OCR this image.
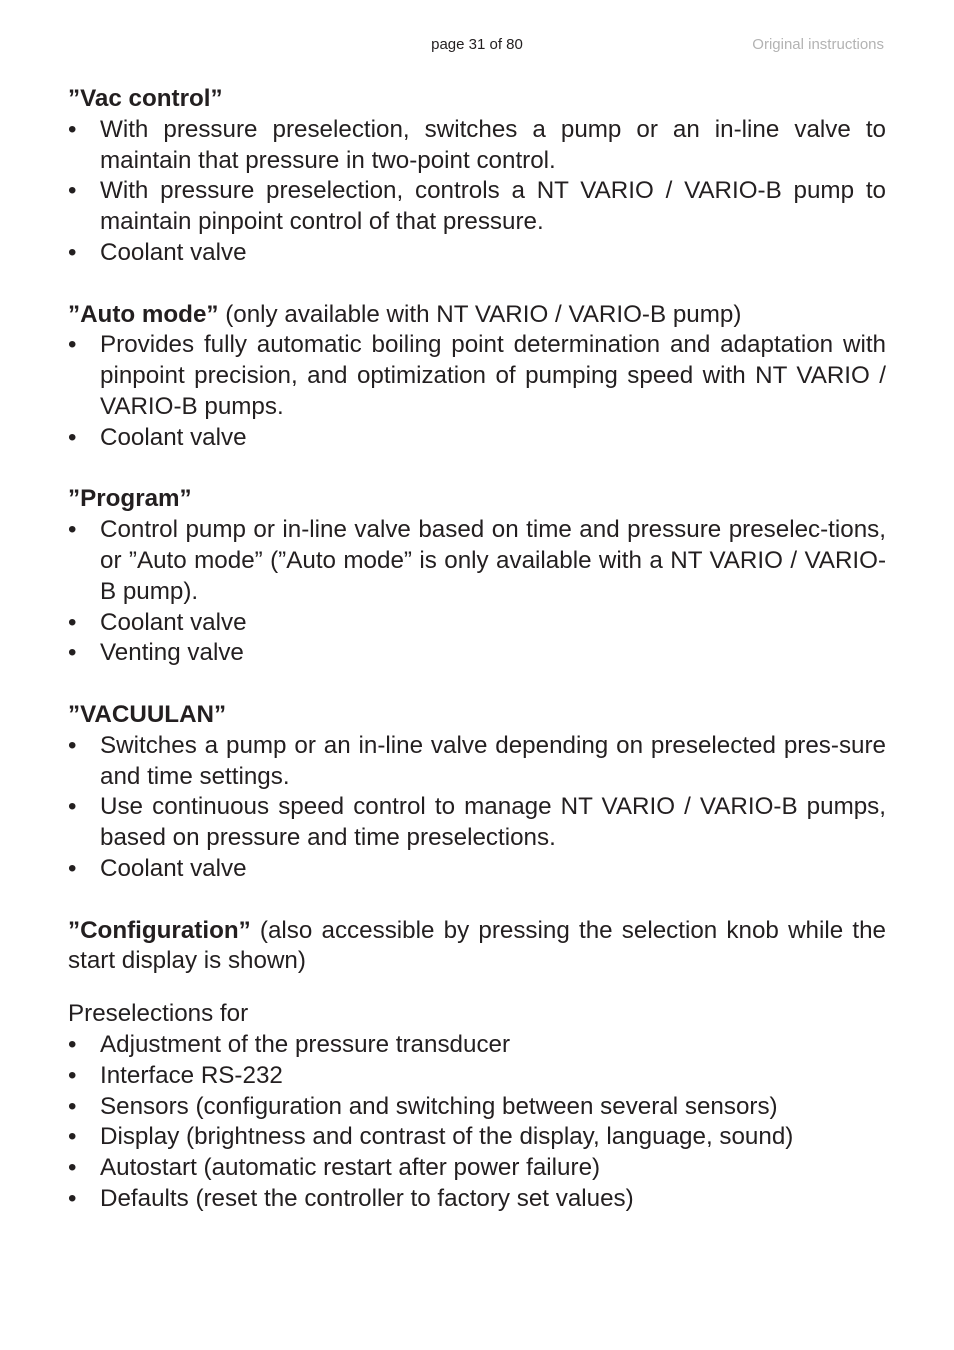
page 31 of 80	Original instructions
”Vac control”
• With pressure preselection, switches a pump or an in-line valve to maintain that pressure in two-point control.
• With pressure preselection, controls a NT VARIO / VARIO-B pump to maintain pinpoint control of that pressure.
• Coolant valve
”Auto mode” (only available with NT VARIO / VARIO-B pump)
• Provides fully automatic boiling point determination and adaptation with pinpoint precision, and optimization of pumping speed with NT VARIO / VARIO-B pumps.
• Coolant valve
”Program”
• Control pump or in-line valve based on time and pressure preselec-tions, or ”Auto mode” (”Auto mode” is only available with a NT VARIO / VARIO-B pump).
• Coolant valve
• Venting valve
”VACUULAN”
• Switches a pump or an in-line valve depending on preselected pres-sure and time settings.
• Use continuous speed control to manage NT VARIO / VARIO-B pumps, based on pressure and time preselections.
• Coolant valve
”Configuration” (also accessible by pressing the selection knob while the start display is shown)
Preselections for
• Adjustment of the pressure transducer
• Interface RS-232
• Sensors (configuration and switching between several sensors)
• Display (brightness and contrast of the display, language, sound)
• Autostart (automatic restart after power failure)
• Defaults (reset the controller to factory set values)
